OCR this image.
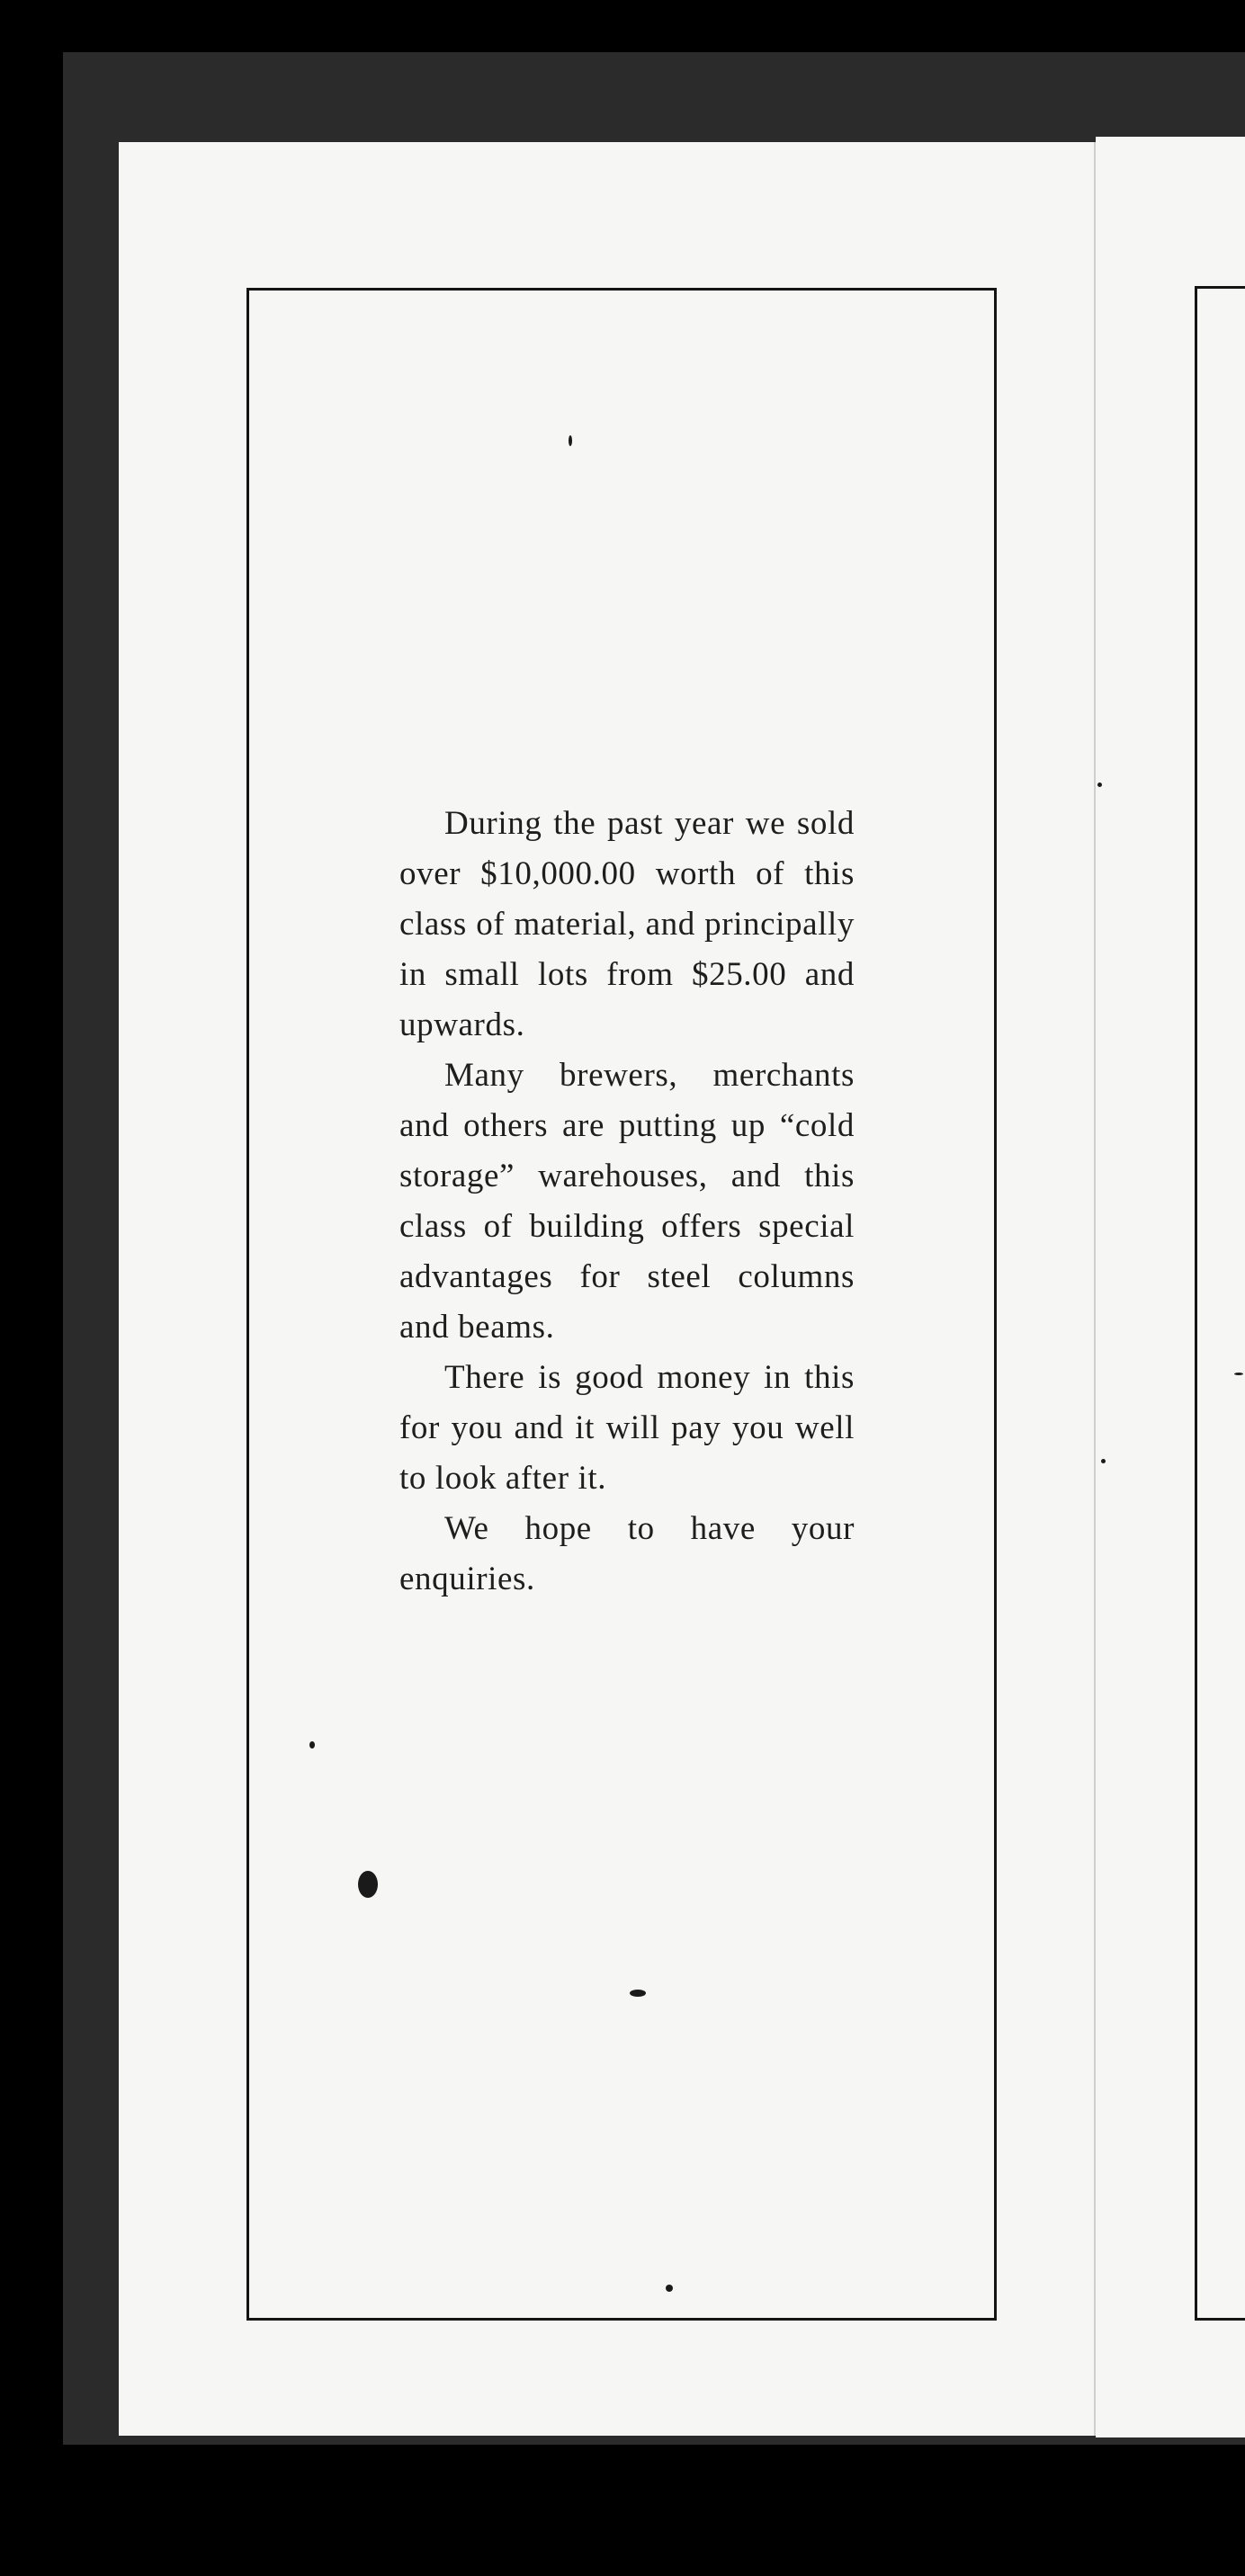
During the past year we sold over $10,000.00 worth of this class of material, and principally in small lots from $25.00 and upwards.

Many brewers, merchants and others are putting up “cold storage” warehouses, and this class of building offers special advantages for steel columns and beams.

There is good money in this for you and it will pay you well to look after it.

We hope to have your enquiries.
